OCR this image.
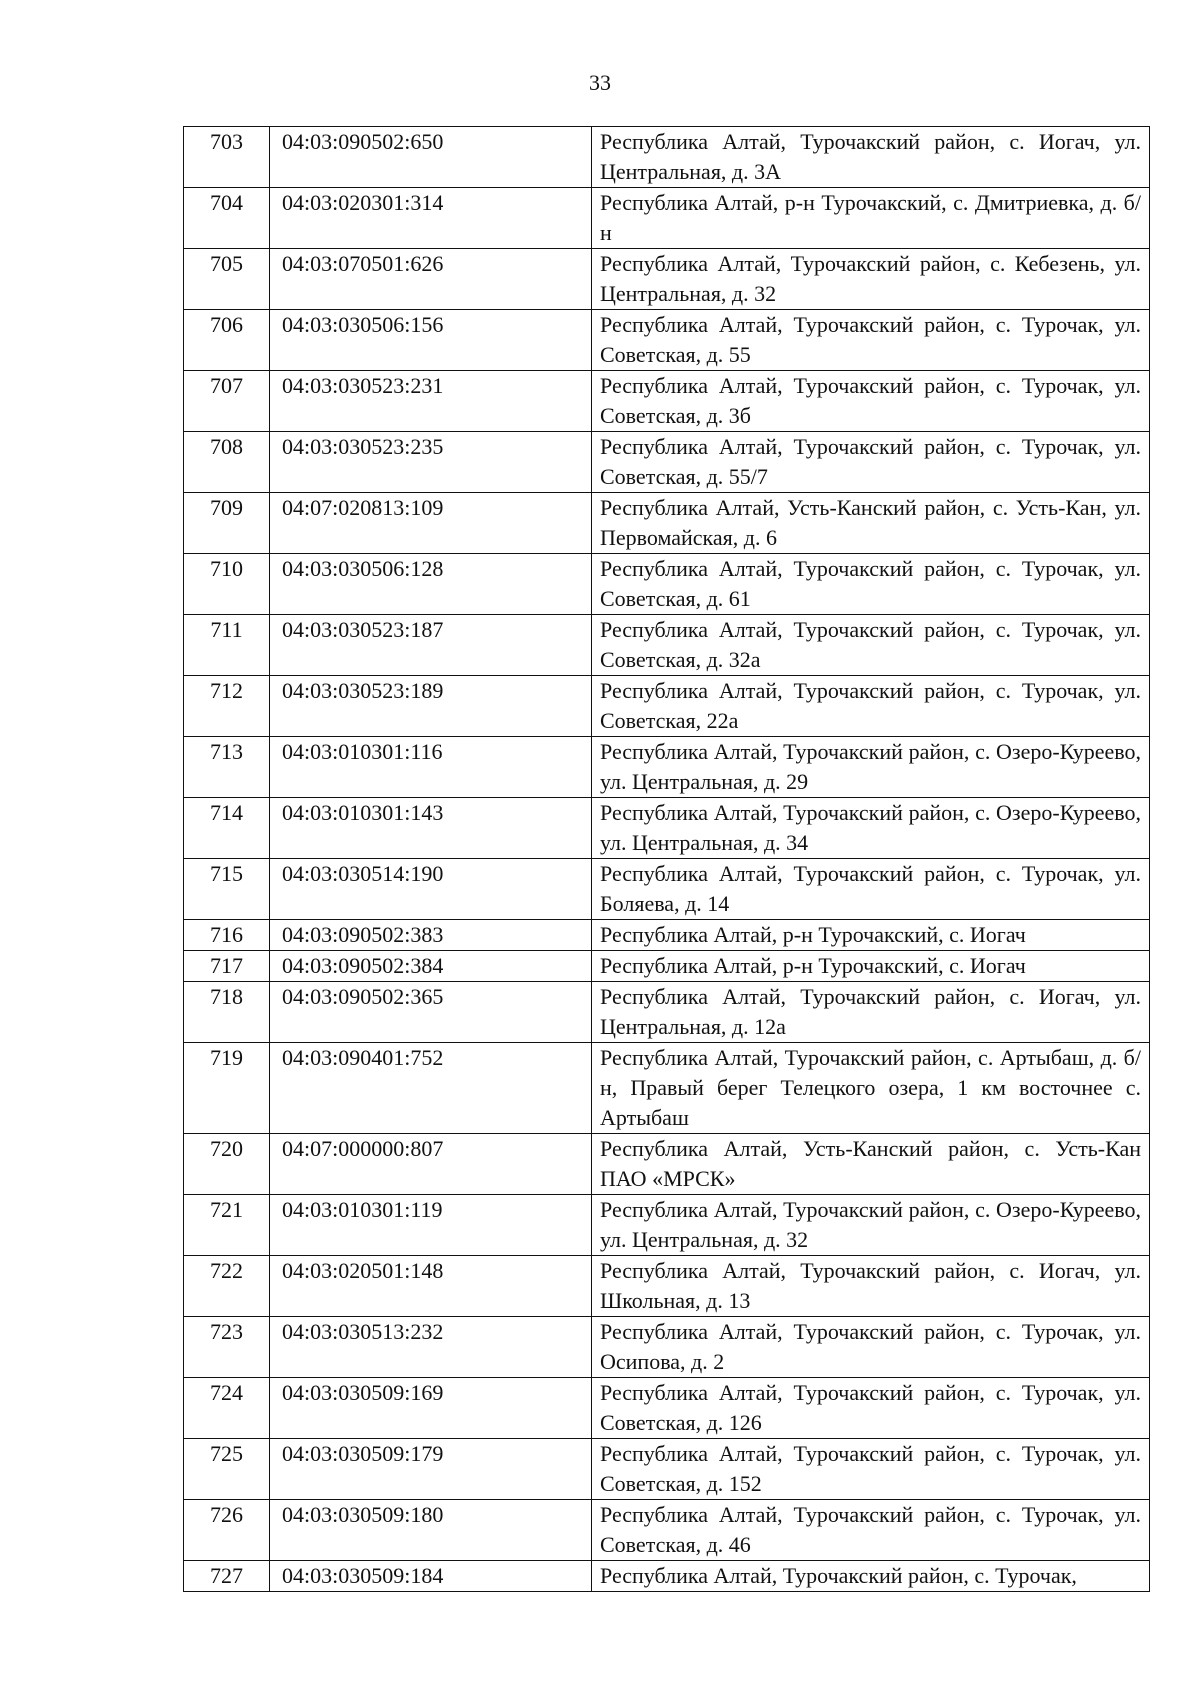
33
703	04:03:090502:650	Республика Алтай, Турочакский район, с. Иогач, ул. Центральная, д. 3А
704	04:03:020301:314	Республика Алтай, р-н Турочакский, с. Дмитриевка, д. б/н
705	04:03:070501:626	Республика Алтай, Турочакский район, с. Кебезень, ул. Центральная, д. 32
706	04:03:030506:156	Республика Алтай, Турочакский район, с. Турочак, ул. Советская, д. 55
707	04:03:030523:231	Республика Алтай, Турочакский район, с. Турочак, ул. Советская, д. 3б
708	04:03:030523:235	Республика Алтай, Турочакский район, с. Турочак, ул. Советская, д. 55/7
709	04:07:020813:109	Республика Алтай, Усть-Канский район, с. Усть-Кан, ул. Первомайская, д. 6
710	04:03:030506:128	Республика Алтай, Турочакский район, с. Турочак, ул. Советская, д. 61
711	04:03:030523:187	Республика Алтай, Турочакский район, с. Турочак, ул. Советская, д. 32а
712	04:03:030523:189	Республика Алтай, Турочакский район, с. Турочак, ул. Советская, 22а
713	04:03:010301:116	Республика Алтай, Турочакский район, с. Озеро-Куреево, ул. Центральная, д. 29
714	04:03:010301:143	Республика Алтай, Турочакский район, с. Озеро-Куреево, ул. Центральная, д. 34
715	04:03:030514:190	Республика Алтай, Турочакский район, с. Турочак, ул. Боляева, д. 14
716	04:03:090502:383	Республика Алтай, р-н Турочакский, с. Иогач
717	04:03:090502:384	Республика Алтай, р-н Турочакский, с. Иогач
718	04:03:090502:365	Республика Алтай, Турочакский район, с. Иогач, ул. Центральная, д. 12а
719	04:03:090401:752	Республика Алтай, Турочакский район, с. Артыбаш, д. б/н, Правый берег Телецкого озера, 1 км восточнее с. Артыбаш
720	04:07:000000:807	Республика Алтай, Усть-Канский район, с. Усть-Кан ПАО «МРСК»
721	04:03:010301:119	Республика Алтай, Турочакский район, с. Озеро-Куреево, ул. Центральная, д. 32
722	04:03:020501:148	Республика Алтай, Турочакский район, с. Иогач, ул. Школьная, д. 13
723	04:03:030513:232	Республика Алтай, Турочакский район, с. Турочак, ул. Осипова, д. 2
724	04:03:030509:169	Республика Алтай, Турочакский район, с. Турочак, ул. Советская, д. 126
725	04:03:030509:179	Республика Алтай, Турочакский район, с. Турочак, ул. Советская, д. 152
726	04:03:030509:180	Республика Алтай, Турочакский район, с. Турочак, ул. Советская, д. 46
727	04:03:030509:184	Республика Алтай, Турочакский район, с. Турочак,
